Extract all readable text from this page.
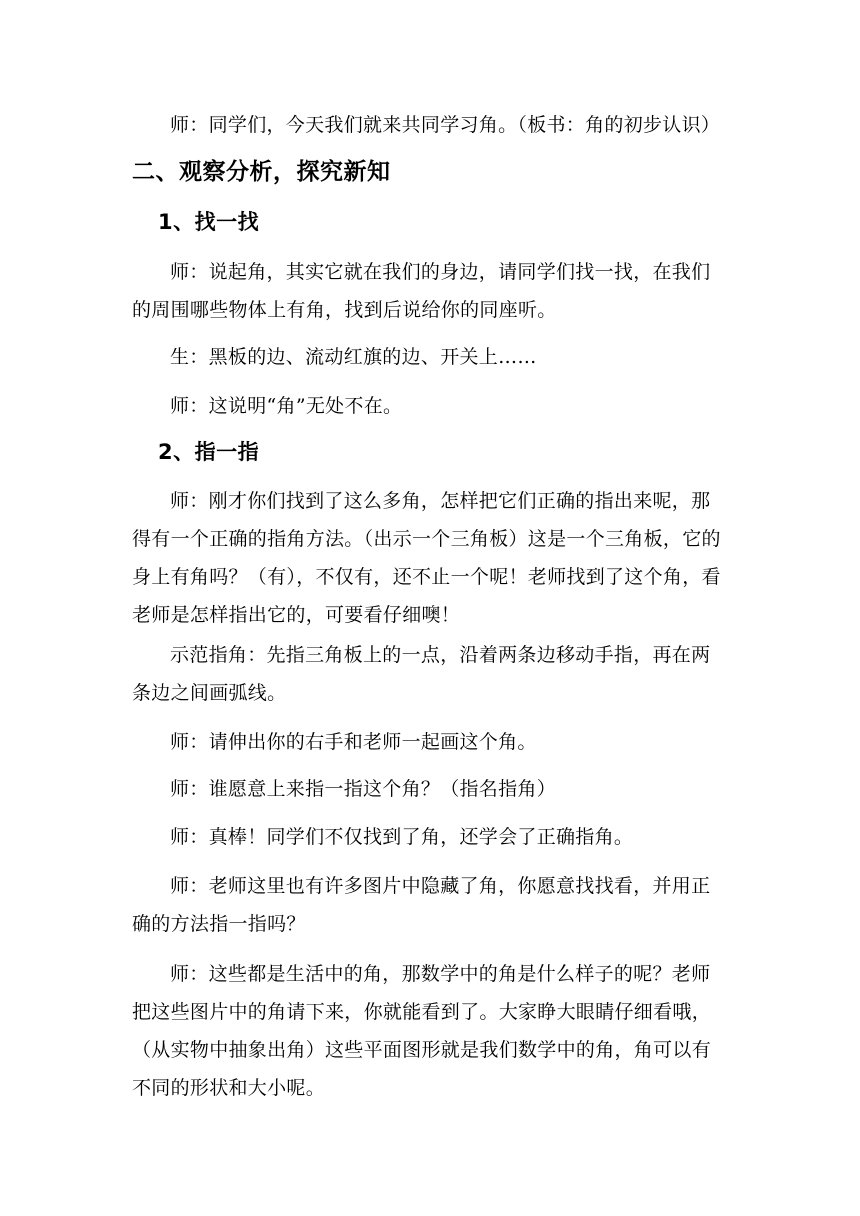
师：同学们，今天我们就来共同学习角。（板书：角的初步认识）

二、观察分析，探究新知

1、找一找

师：说起角，其实它就在我们的身边，请同学们找一找，在我们的周围哪些物体上有角，找到后说给你的同座听。

生：黑板的边、流动红旗的边、开关上……

师：这说明“角”无处不在。

2、指一指

师：刚才你们找到了这么多角，怎样把它们正确的指出来呢，那得有一个正确的指角方法。（出示一个三角板）这是一个三角板，它的身上有角吗？（有），不仅有，还不止一个呢！老师找到了这个角，看老师是怎样指出它的，可要看仔细噢！

示范指角：先指三角板上的一点，沿着两条边移动手指，再在两条边之间画弧线。

师：请伸出你的右手和老师一起画这个角。

师：谁愿意上来指一指这个角？（指名指角）

师：真棒！同学们不仅找到了角，还学会了正确指角。

师：老师这里也有许多图片中隐藏了角，你愿意找找看，并用正确的方法指一指吗？

师：这些都是生活中的角，那数学中的角是什么样子的呢？老师把这些图片中的角请下来，你就能看到了。大家睁大眼睛仔细看哦，（从实物中抽象出角）这些平面图形就是我们数学中的角，角可以有不同的形状和大小呢。
